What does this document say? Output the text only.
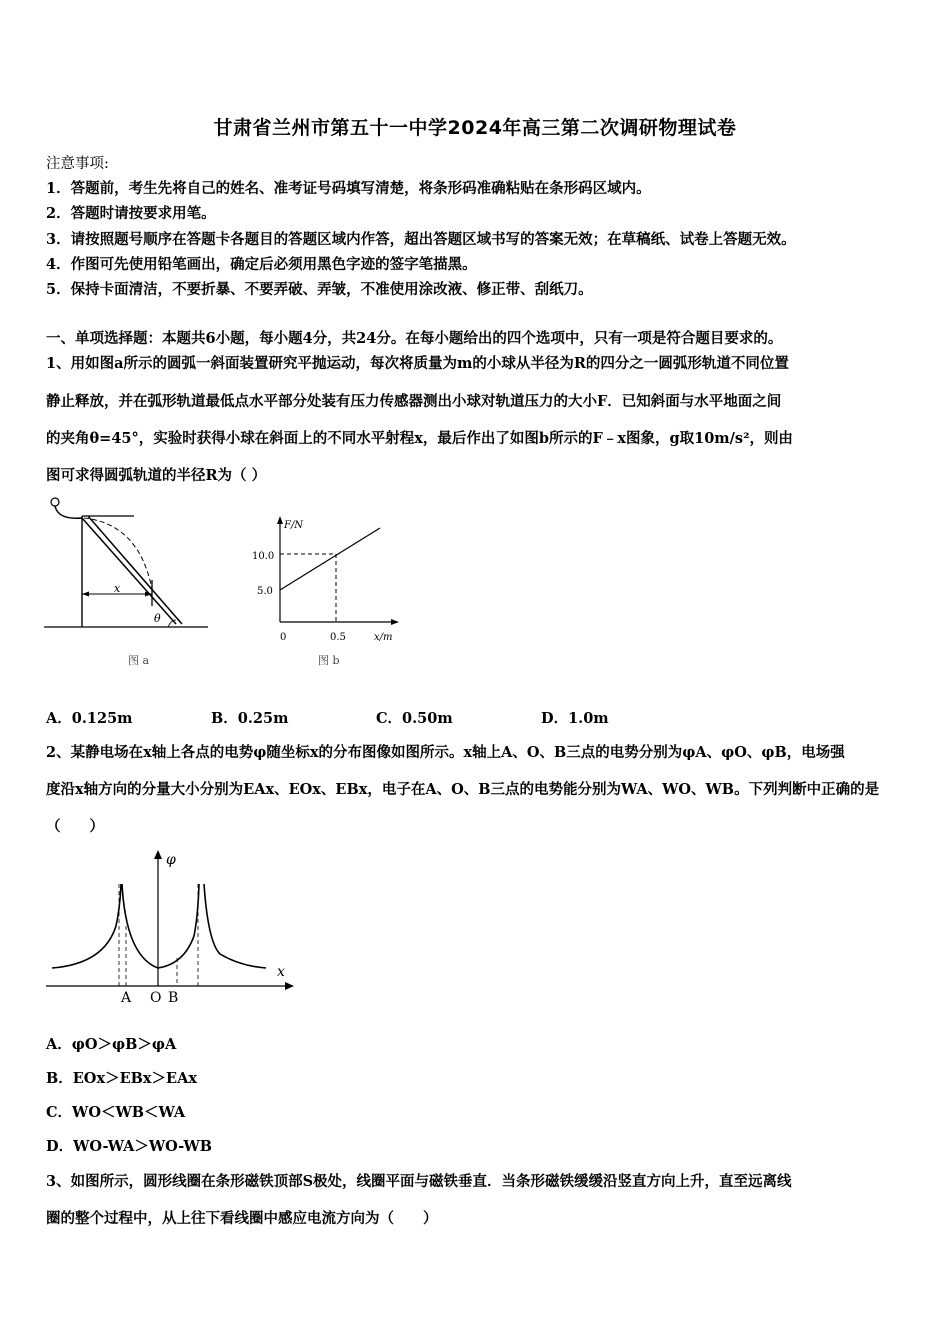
甘肃省兰州市第五十一中学2024年高三第二次调研物理试卷
注意事项:
1．答题前，考生先将自己的姓名、准考证号码填写清楚，将条形码准确粘贴在条形码区域内。
2．答题时请按要求用笔。
3．请按照题号顺序在答题卡各题目的答题区域内作答，超出答题区域书写的答案无效；在草稿纸、试卷上答题无效。
4．作图可先使用铅笔画出，确定后必须用黑色字迹的签字笔描黑。
5．保持卡面清洁，不要折暴、不要弄破、弄皱，不准使用涂改液、修正带、刮纸刀。
一、单项选择题：本题共6小题，每小题4分，共24分。在每小题给出的四个选项中，只有一项是符合题目要求的。
1、用如图a所示的圆弧一斜面装置研究平抛运动，每次将质量为m的小球从半径为R的四分之一圆弧形轨道不同位置
静止释放，并在弧形轨道最低点水平部分处装有压力传感器测出小球对轨道压力的大小F．已知斜面与水平地面之间
的夹角θ=45°，实验时获得小球在斜面上的不同水平射程x，最后作出了如图b所示的F﹣x图象，g取10m/s²，则由
图可求得圆弧轨道的半径R为（ ）
x
θ
图 a
F/N
x/m
10.0
5.0
0	0.5
图 b
A．0.125m	B．0.25m	C．0.50m	D．1.0m
2、某静电场在x轴上各点的电势φ随坐标x的分布图像如图所示。x轴上A、O、B三点的电势分别为φA、φO、φB，电场强
度沿x轴方向的分量大小分别为EAx、EOx、EBx，电子在A、O、B三点的电势能分别为WA、WO、WB。下列判断中正确的是
（　　）
φ
x
A O B
A．φO＞φB＞φA
B．EOx＞EBx＞EAx
C．WO＜WB＜WA
D．WO-WA＞WO-WB
3、如图所示，圆形线圈在条形磁铁顶部S极处，线圈平面与磁铁垂直．当条形磁铁缓缓沿竖直方向上升，直至远离线
圈的整个过程中，从上往下看线圈中感应电流方向为（　　）
